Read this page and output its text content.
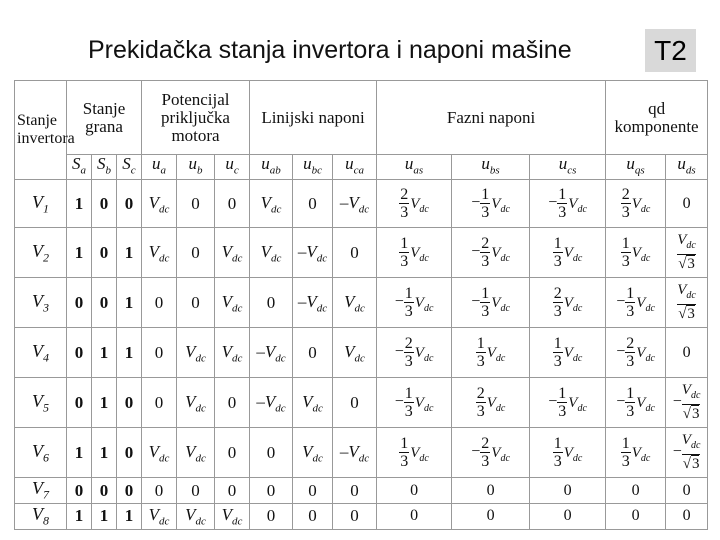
Prekidačka stanja invertora i naponi mašine	T2
Stanje invertora	Stanje grana			Potencijal priključka motora			Linijski naponi			Fazni naponi			qd komponente	
	$S_a$	$S_b$	$S_c$	$u_a$	$u_b$	$u_c$	$u_{ab}$	$u_{bc}$	$u_{ca}$	$u_{as}$	$u_{bs}$	$u_{cs}$	$u_{qs}$	$u_{ds}$
$V_1$	1	0	0	$V_{dc}$	0	0	$V_{dc}$	0	$-V_{dc}$	$\frac{2}{3} V_{dc}$	− $\frac{1}{3} V_{dc}$	− $\frac{1}{3} V_{dc}$	$\frac{2}{3} V_{dc}$	0
$V_2$	1	0	1	$V_{dc}$	0	$V_{dc}$	$V_{dc}$	$-V_{dc}$	0	$\frac{1}{3} V_{dc}$	− $\frac{2}{3} V_{dc}$	$\frac{1}{3} V_{dc}$	$\frac{1}{3} V_{dc}$	$V_{dc}$
√3

$V_3$	0	0	1	0	0	$V_{dc}$	0	$-V_{dc}$	$V_{dc}$	− $\frac{1}{3} V_{dc}$	− $\frac{1}{3} V_{dc}$	$\frac{2}{3} V_{dc}$	− $\frac{1}{3} V_{dc}$	$V_{dc}$
√3

$V_4$	0	1	1	0	$V_{dc}$	$V_{dc}$	$-V_{dc}$	0	$V_{dc}$	− $\frac{2}{3} V_{dc}$	$\frac{1}{3} V_{dc}$	$\frac{1}{3} V_{dc}$	− $\frac{2}{3} V_{dc}$	0
$V_5$	0	1	0	0	$V_{dc}$	0	$-V_{dc}$	$V_{dc}$	0	− $\frac{1}{3} V_{dc}$	$\frac{2}{3} V_{dc}$	− $\frac{1}{3} V_{dc}$	− $\frac{1}{3} V_{dc}$	−
$V_{dc}$
√3

$V_6$	1	1	0	$V_{dc}$	$V_{dc}$	0	0	$V_{dc}$	$-V_{dc}$	$\frac{1}{3} V_{dc}$	− $\frac{2}{3} V_{dc}$	$\frac{1}{3} V_{dc}$	$\frac{1}{3} V_{dc}$	−
$V_{dc}$
√3

$V_7$	0	0	0	0	0	0	0	0	0	0	0	0	0	0
$V_8$	1	1	1	$V_{dc}$	$V_{dc}$	$V_{dc}$	0	0	0	0	0	0	0	0
